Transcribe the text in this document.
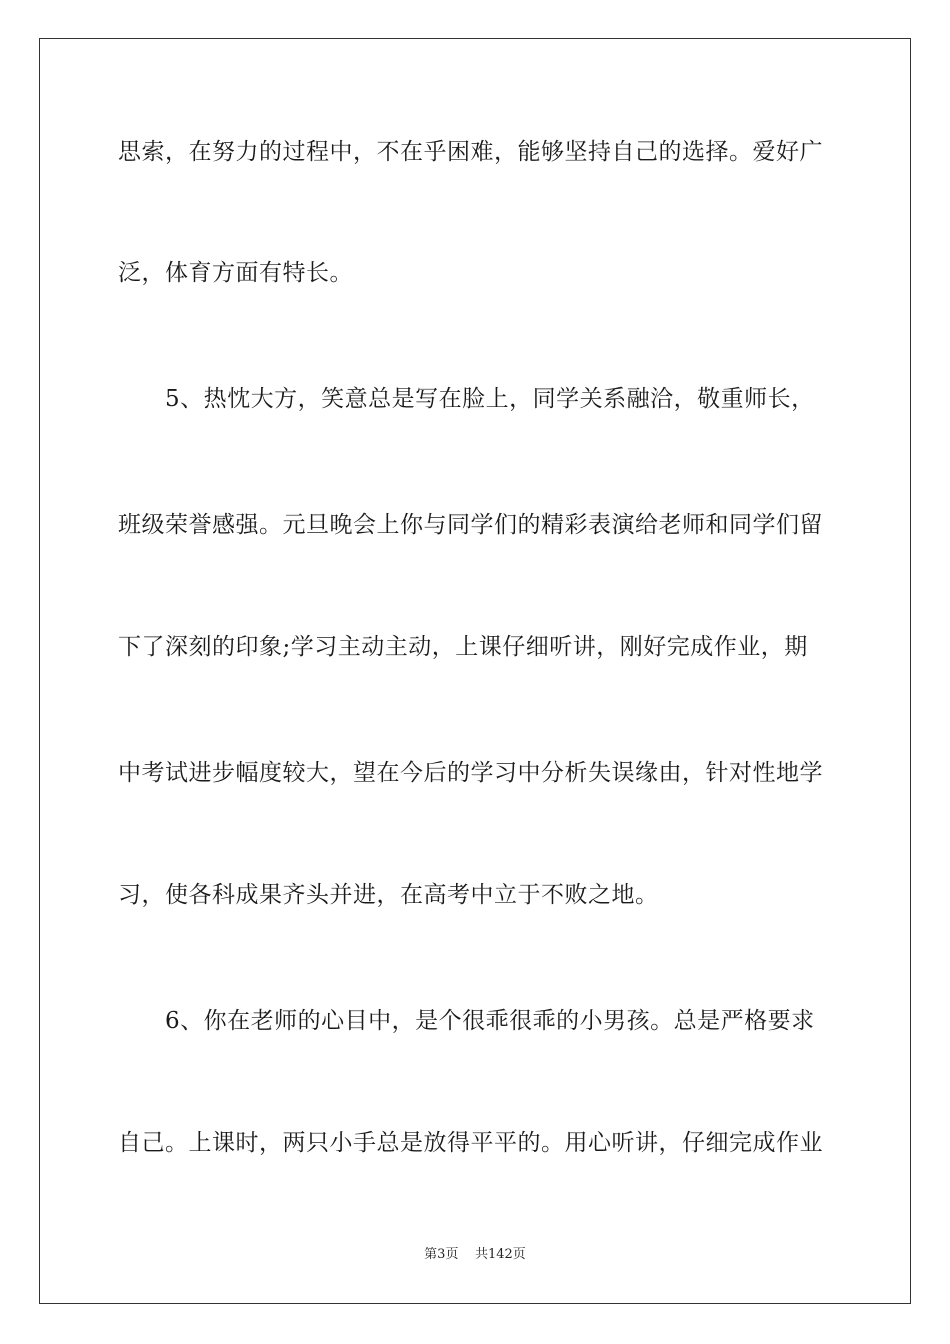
思索，在努力的过程中，不在乎困难，能够坚持自己的选择。爱好广
泛，体育方面有特长。
　　5、热忱大方，笑意总是写在脸上，同学关系融洽，敬重师长，
班级荣誉感强。元旦晚会上你与同学们的精彩表演给老师和同学们留
下了深刻的印象;学习主动主动，上课仔细听讲，刚好完成作业，期
中考试进步幅度较大，望在今后的学习中分析失误缘由，针对性地学
习，使各科成果齐头并进，在高考中立于不败之地。
　　6、你在老师的心目中，是个很乖很乖的小男孩。总是严格要求
自己。上课时，两只小手总是放得平平的。用心听讲，仔细完成作业
第3页 共142页
